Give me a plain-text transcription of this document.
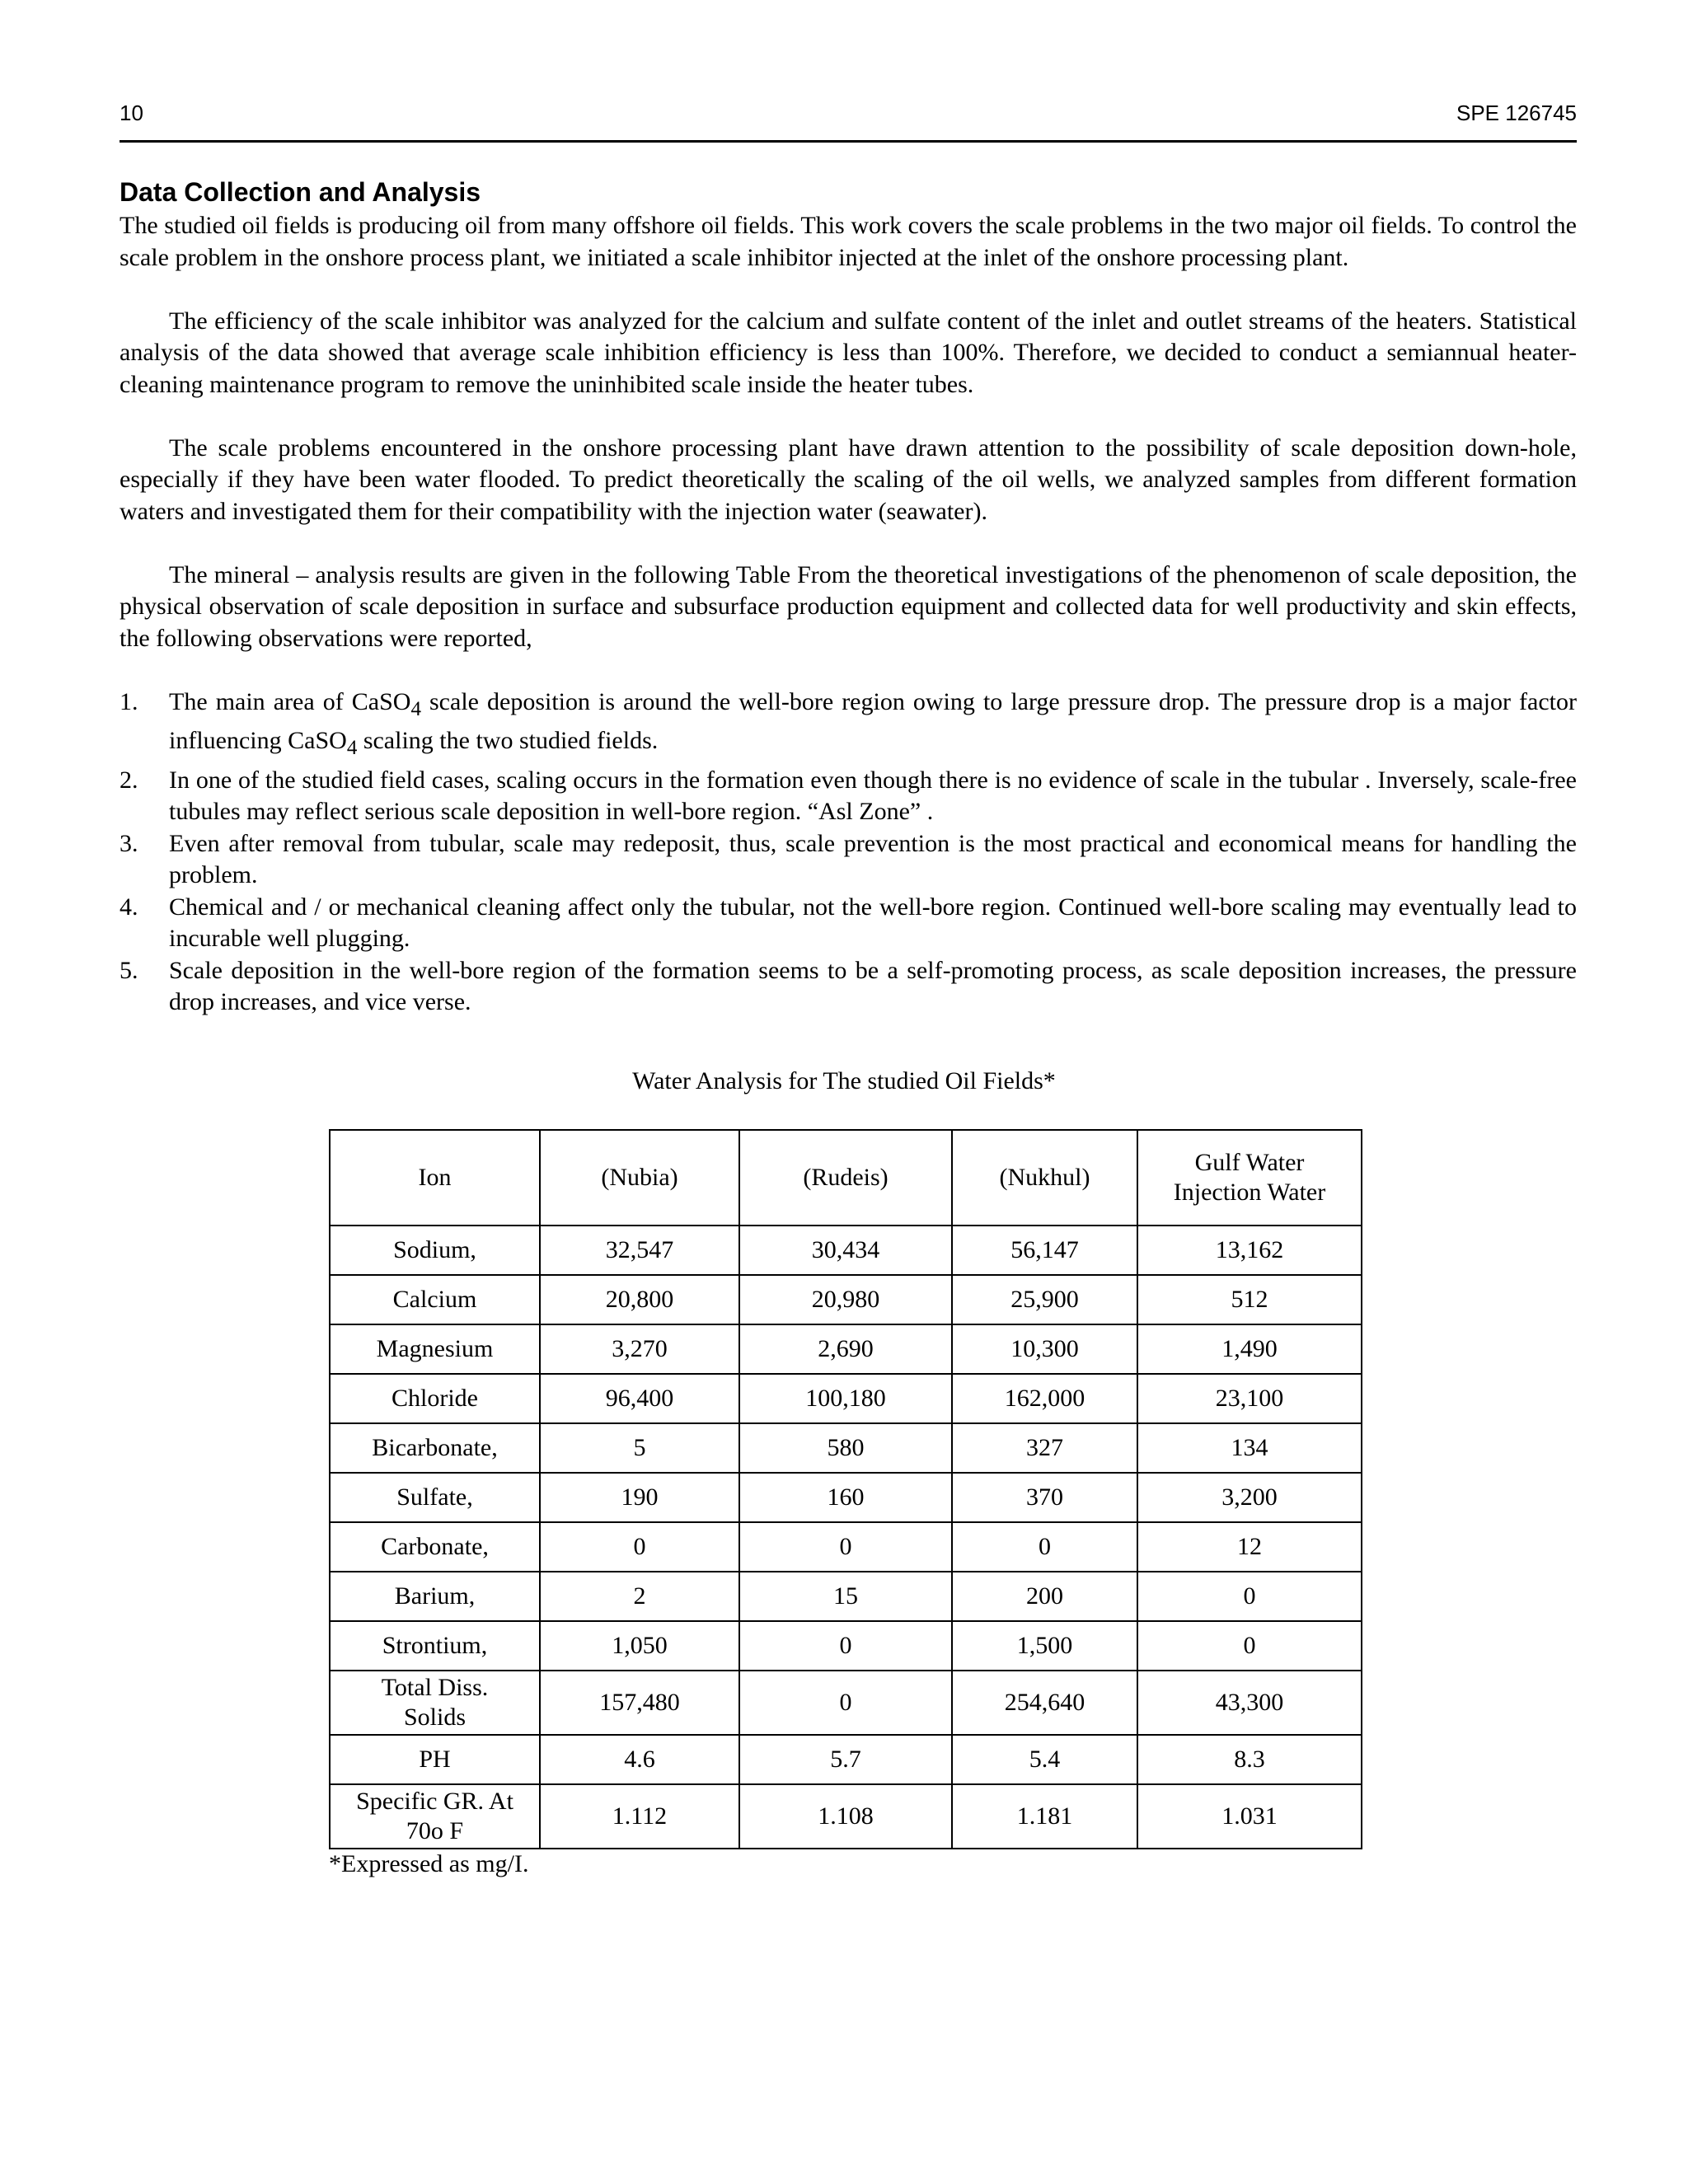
10	SPE 126745
Data Collection and Analysis

The studied oil fields is producing oil from many offshore oil fields. This work covers the scale problems in the two major oil fields. To control the scale problem in the onshore process plant, we initiated a scale inhibitor injected at the inlet of the onshore processing plant.

The efficiency of the scale inhibitor was analyzed for the calcium and sulfate content of the inlet and outlet streams of the heaters. Statistical analysis of the data showed that average scale inhibition efficiency is less than 100%. Therefore, we decided to conduct a semiannual heater-cleaning maintenance program to remove the uninhibited scale inside the heater tubes.

The scale problems encountered in the onshore processing plant have drawn attention to the possibility of scale deposition down-hole, especially if they have been water flooded. To predict theoretically the scaling of the oil wells, we analyzed samples from different formation waters and investigated them for their compatibility with the injection water (seawater).

The mineral – analysis results are given in the following Table From the theoretical investigations of the phenomenon of scale deposition, the physical observation of scale deposition in surface and subsurface production equipment and collected data for well productivity and skin effects, the following observations were reported,

1. The main area of CaSO$_4$ scale deposition is around the well-bore region owing to large pressure drop. The pressure drop is a major factor influencing CaSO$_4$ scaling the two studied fields.
2. In one of the studied field cases, scaling occurs in the formation even though there is no evidence of scale in the tubular . Inversely, scale-free tubules may reflect serious scale deposition in well-bore region. “Asl Zone” .
3. Even after removal from tubular, scale may redeposit, thus, scale prevention is the most practical and economical means for handling the problem.
4. Chemical and / or mechanical cleaning affect only the tubular, not the well-bore region. Continued well-bore scaling may eventually lead to incurable well plugging.
5. Scale deposition in the well-bore region of the formation seems to be a self-promoting process, as scale deposition increases, the pressure drop increases, and vice verse.
Water Analysis for The studied Oil Fields*
Ion	(Nubia)	(Rudeis)	(Nukhul)	Gulf Water
Injection Water
Sodium,	32,547	30,434	56,147	13,162
Calcium	20,800	20,980	25,900	512
Magnesium	3,270	2,690	10,300	1,490
Chloride	96,400	100,180	162,000	23,100
Bicarbonate,	5	580	327	134
Sulfate,	190	160	370	3,200
Carbonate,	0	0	0	12
Barium,	2	15	200	0
Strontium,	1,050	0	1,500	0
Total Diss.
Solids	157,480	0	254,640	43,300
PH	4.6	5.7	5.4	8.3
Specific GR. At
70o F	1.112	1.108	1.181	1.031
*Expressed as mg/I.
